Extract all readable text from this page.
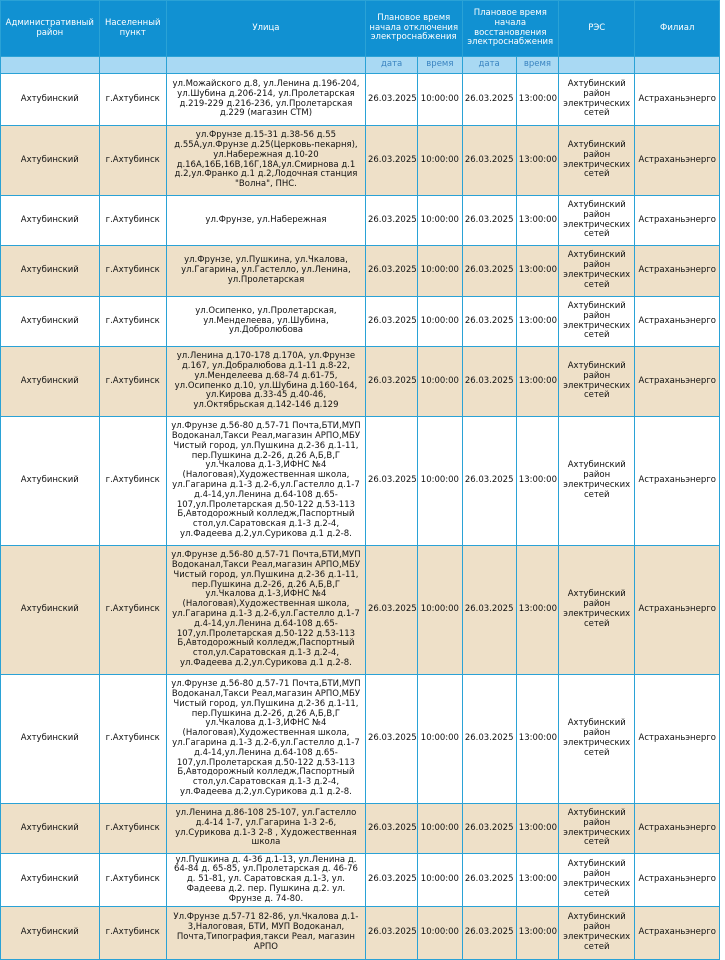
Административный район	Населенный пункт	Улица	Плановое время начала отключения электроснабжения		Плановое время начала восстановления электроснабжения		РЭС	Филиал
			дата	время	дата	время		
Ахтубинский	г.Ахтубинск	ул.Можайского д.8, ул.Ленина д.196-204, ул.Шубина д.206-214, ул.Пролетарская д.219-229 д.216-236, ул.Пролетарская д.229 (магазин СТМ)	26.03.2025	10:00:00	26.03.2025	13:00:00	Ахтубинский район электрических сетей	Астраханьэнерго
Ахтубинский	г.Ахтубинск	ул.Фрунзе д.15-31 д.38-56 д.55 д.55А,ул.Фрунзе д.25(Церковь-пекарня), ул.Набережная д.10-20 д.16А,16Б,16В,16Г,18А,ул.Смирнова д.1 д.2,ул.Франко д.1 д.2,Лодочная станция "Волна", ПНС.	26.03.2025	10:00:00	26.03.2025	13:00:00	Ахтубинский район электрических сетей	Астраханьэнерго
Ахтубинский	г.Ахтубинск	ул.Фрунзе, ул.Набережная	26.03.2025	10:00:00	26.03.2025	13:00:00	Ахтубинский район электрических сетей	Астраханьэнерго
Ахтубинский	г.Ахтубинск	ул.Фрунзе, ул.Пушкина, ул.Чкалова, ул.Гагарина, ул.Гастелло, ул.Ленина, ул.Пролетарская	26.03.2025	10:00:00	26.03.2025	13:00:00	Ахтубинский район электрических сетей	Астраханьэнерго
Ахтубинский	г.Ахтубинск	ул.Осипенко, ул.Пролетарская, ул.Менделеева, ул.Шубина, ул.Добролюбова	26.03.2025	10:00:00	26.03.2025	13:00:00	Ахтубинский район электрических сетей	Астраханьэнерго
Ахтубинский	г.Ахтубинск	ул.Ленина д.170-178 д.170А, ул.Фрунзе д.167, ул.Добралюбова д.1-11 д.8-22, ул.Менделеева д.68-74 д.61-75, ул.Осипенко д.10, ул.Шубина д.160-164, ул.Кирова д.33-45 д.40-46, ул.Октябрьская д.142-146 д.129	26.03.2025	10:00:00	26.03.2025	13:00:00	Ахтубинский район электрических сетей	Астраханьэнерго
Ахтубинский	г.Ахтубинск	ул.Фрунзе д.56-80 д.57-71 Почта,БТИ,МУП Водоканал,Такси Реал,магазин АРПО,МБУ Чистый город, ул.Пушкина д.2-36 д.1-11, пер.Пушкина д.2-26, д.26 А,Б,В,Г ул.Чкалова д.1-3,ИФНС №4 (Налоговая),Художественная школа, ул.Гагарина д.1-3 д.2-6,ул.Гастелло д.1-7 д.4-14,ул.Ленина д.64-108 д.65-107,ул.Пролетарская д.50-122 д.53-113 Б,Автодорожный колледж,Паспортный стол,ул.Саратовская д.1-3 д.2-4, ул.Фадеева д.2,ул.Сурикова д.1 д.2-8.	26.03.2025	10:00:00	26.03.2025	13:00:00	Ахтубинский район электрических сетей	Астраханьэнерго
Ахтубинский	г.Ахтубинск	ул.Фрунзе д.56-80 д.57-71 Почта,БТИ,МУП Водоканал,Такси Реал,магазин АРПО,МБУ Чистый город, ул.Пушкина д.2-36 д.1-11, пер.Пушкина д.2-26, д.26 А,Б,В,Г ул.Чкалова д.1-3,ИФНС №4 (Налоговая),Художественная школа, ул.Гагарина д.1-3 д.2-6,ул.Гастелло д.1-7 д.4-14,ул.Ленина д.64-108 д.65-107,ул.Пролетарская д.50-122 д.53-113 Б,Автодорожный колледж,Паспортный стол,ул.Саратовская д.1-3 д.2-4, ул.Фадеева д.2,ул.Сурикова д.1 д.2-8.	26.03.2025	10:00:00	26.03.2025	13:00:00	Ахтубинский район электрических сетей	Астраханьэнерго
Ахтубинский	г.Ахтубинск	ул.Фрунзе д.56-80 д.57-71 Почта,БТИ,МУП Водоканал,Такси Реал,магазин АРПО,МБУ Чистый город, ул.Пушкина д.2-36 д.1-11, пер.Пушкина д.2-26, д.26 А,Б,В,Г ул.Чкалова д.1-3,ИФНС №4 (Налоговая),Художественная школа, ул.Гагарина д.1-3 д.2-6,ул.Гастелло д.1-7 д.4-14,ул.Ленина д.64-108 д.65-107,ул.Пролетарская д.50-122 д.53-113 Б,Автодорожный колледж,Паспортный стол,ул.Саратовская д.1-3 д.2-4, ул.Фадеева д.2,ул.Сурикова д.1 д.2-8.	26.03.2025	10:00:00	26.03.2025	13:00:00	Ахтубинский район электрических сетей	Астраханьэнерго
Ахтубинский	г.Ахтубинск	ул.Ленина д.86-108 25-107, ул.Гастелло д.4-14 1-7, ул.Гагарина 1-3 2-6, ул.Сурикова д.1-3 2-8 , Художественная школа	26.03.2025	10:00:00	26.03.2025	13:00:00	Ахтубинский район электрических сетей	Астраханьэнерго
Ахтубинский	г.Ахтубинск	ул.Пушкина д. 4-36 д.1-13, ул.Ленина д. 64-84 д. 65-85, ул.Пролетарская д. 46-76 д. 51-81, ул. Саратовская д.1-3, ул. Фадеева д.2. пер. Пушкина д.2. ул. Фрунзе д. 74-80.	26.03.2025	10:00:00	26.03.2025	13:00:00	Ахтубинский район электрических сетей	Астраханьэнерго
Ахтубинский	г.Ахтубинск	Ул.Фрунзе д.57-71 82-86, ул.Чкалова д.1-3,Налоговая, БТИ, МУП Водоканал, Почта,Типография,такси Реал, магазин АРПО	26.03.2025	10:00:00	26.03.2025	13:00:00	Ахтубинский район электрических сетей	Астраханьэнерго
